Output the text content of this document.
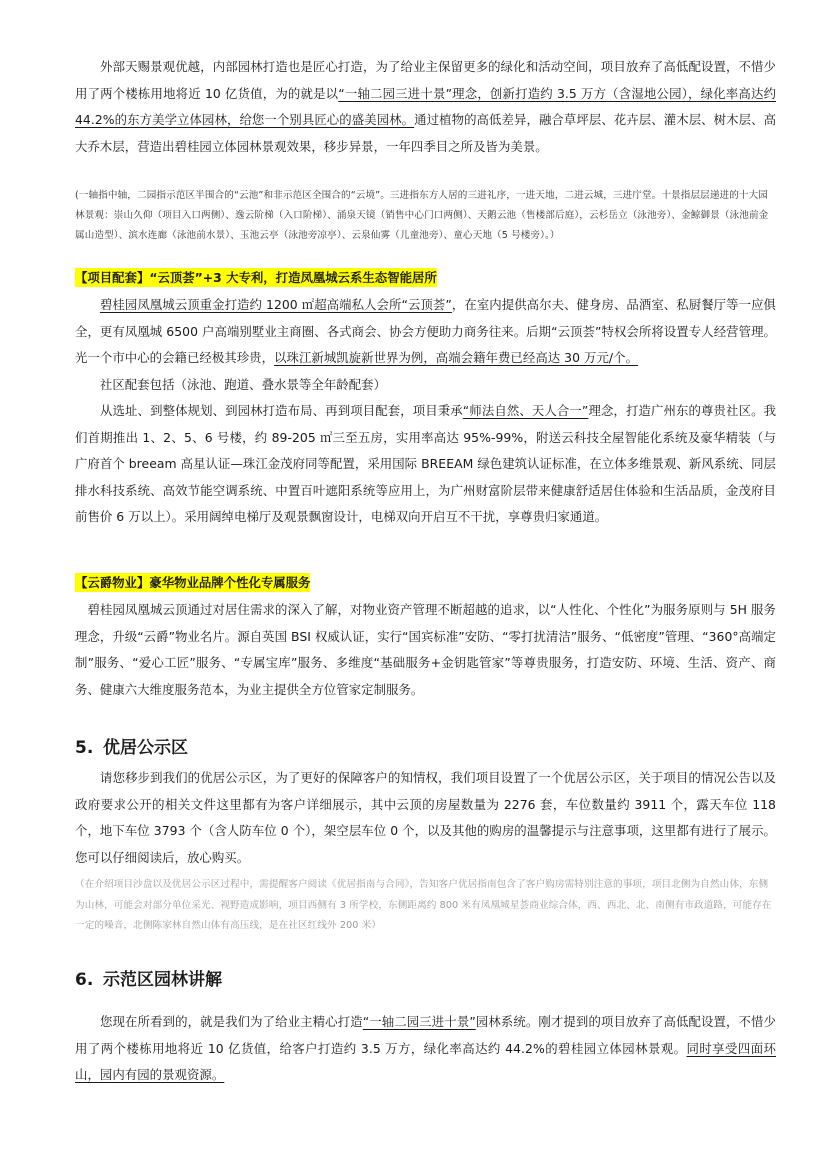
　　外部天赐景观优越，内部园林打造也是匠心打造，为了给业主保留更多的绿化和活动空间，项目放弃了高低配设置，不惜少用了两个楼栋用地将近 10 亿货值，为的就是以“一轴二园三进十景”理念，创新打造约 3.5 万方（含湿地公园），绿化率高达约 44.2%的东方美学立体园林，给您一个别具匠心的盛美园林。通过植物的高低差异，融合草坪层、花卉层、灌木层、树木层、高大乔木层，营造出碧桂园立体园林景观效果，移步异景，一年四季目之所及皆为美景。

(一轴指中轴，二园指示范区半围合的“云池”和非示范区全围合的“云境”。三进指东方人居的三进礼序，一进天地，二进云城，三进庁堂。十景指层层递进的十大园林景观：崇山久仰（项目入口两侧）、逸云阶梯（入口阶梯）、涌泉天镜（销售中心门口两侧）、天鹅云池（售楼部后庭），云杉岳立（泳池旁）、金鲸御景（泳池前金属山造型）、滨水连廊（泳池前水景）、玉池云亭（泳池旁凉亭）、云泉仙雾（儿童池旁）、童心天地（5 号楼旁）。）

【项目配套】“云顶荟”+3 大专利，打造凤凰城云系生态智能居所

　　碧桂园凤凰城云顶重金打造约 1200 ㎡超高端私人会所“云顶荟”，在室内提供高尔夫、健身房、品酒室、私厨餐厅等一应俱全，更有凤凰城 6500 户高端别墅业主商圈、各式商会、协会方便助力商务往来。后期“云顶荟”特权会所将设置专人经营管理。光一个市中心的会籍已经极其珍贵，以珠江新城凯旋新世界为例，高端会籍年费已经高达 30 万元/个。

　　社区配套包括（泳池、跑道、叠水景等全年龄配套）

　　从选址、到整体规划、到园林打造布局、再到项目配套，项目秉承“师法自然、天人合一”理念，打造广州东的尊贵社区。我们首期推出 1、2、5、6 号楼，约 89-205 ㎡三至五房，实用率高达 95%-99%，附送云科技全屋智能化系统及豪华精装（与广府首个 breeam 高星认证—珠江金茂府同等配置，采用国际 BREEAM 绿色建筑认证标准，在立体多维景观、新风系统、同层排水科技系统、高效节能空调系统、中置百叶遮阳系统等应用上，为广州财富阶层带来健康舒适居住体验和生活品质，金茂府目前售价 6 万以上）。采用阔绰电梯厅及观景飘窗设计，电梯双向开启互不干扰，享尊贵归家通道。

【云爵物业】豪华物业品牌个性化专属服务

　碧桂园凤凰城云顶通过对居住需求的深入了解，对物业资产管理不断超越的追求，以“人性化、个性化”为服务原则与 5H 服务理念，升级“云爵”物业名片。源自英国 BSI 权威认证，实行“国宾标准”安防、“零打扰清洁”服务、“低密度”管理、“360°高端定制”服务、“爱心工匠”服务、“专属宝库”服务、多维度“基础服务+金钥匙管家”等尊贵服务，打造安防、环境、生活、资产、商务、健康六大维度服务范本，为业主提供全方位管家定制服务。

5. 优居公示区

　　请您移步到我们的优居公示区，为了更好的保障客户的知情权，我们项目设置了一个优居公示区，关于项目的情况公告以及政府要求公开的相关文件这里都有为客户详细展示，其中云顶的房屋数量为 2276 套，车位数量约 3911 个，露天车位 118 个，地下车位 3793 个（含人防车位 0 个），架空层车位 0 个，以及其他的购房的温馨提示与注意事项，这里都有进行了展示。您可以仔细阅读后，放心购买。

（在介绍项目沙盘以及优居公示区过程中，需提醒客户阅读《优居指南与合同》，告知客户优居指南包含了客户购房需特别注意的事项，项目北侧为自然山体，东侧为山林，可能会对部分单位采光、视野造成影响，项目西侧有 3 所学校，东侧距离约 800 米有凤凰城星荟商业综合体，西、西北、北、南侧有市政道路，可能存在一定的噪音，北侧陈家林自然山体有高压线，是在社区红线外 200 米）

6. 示范区园林讲解

　　您现在所看到的，就是我们为了给业主精心打造“一轴二园三进十景”园林系统。刚才提到的项目放弃了高低配设置，不惜少用了两个楼栋用地将近 10 亿货值，给客户打造约 3.5 万方，绿化率高达约 44.2%的碧桂园立体园林景观。同时享受四面环山，园内有园的景观资源。
